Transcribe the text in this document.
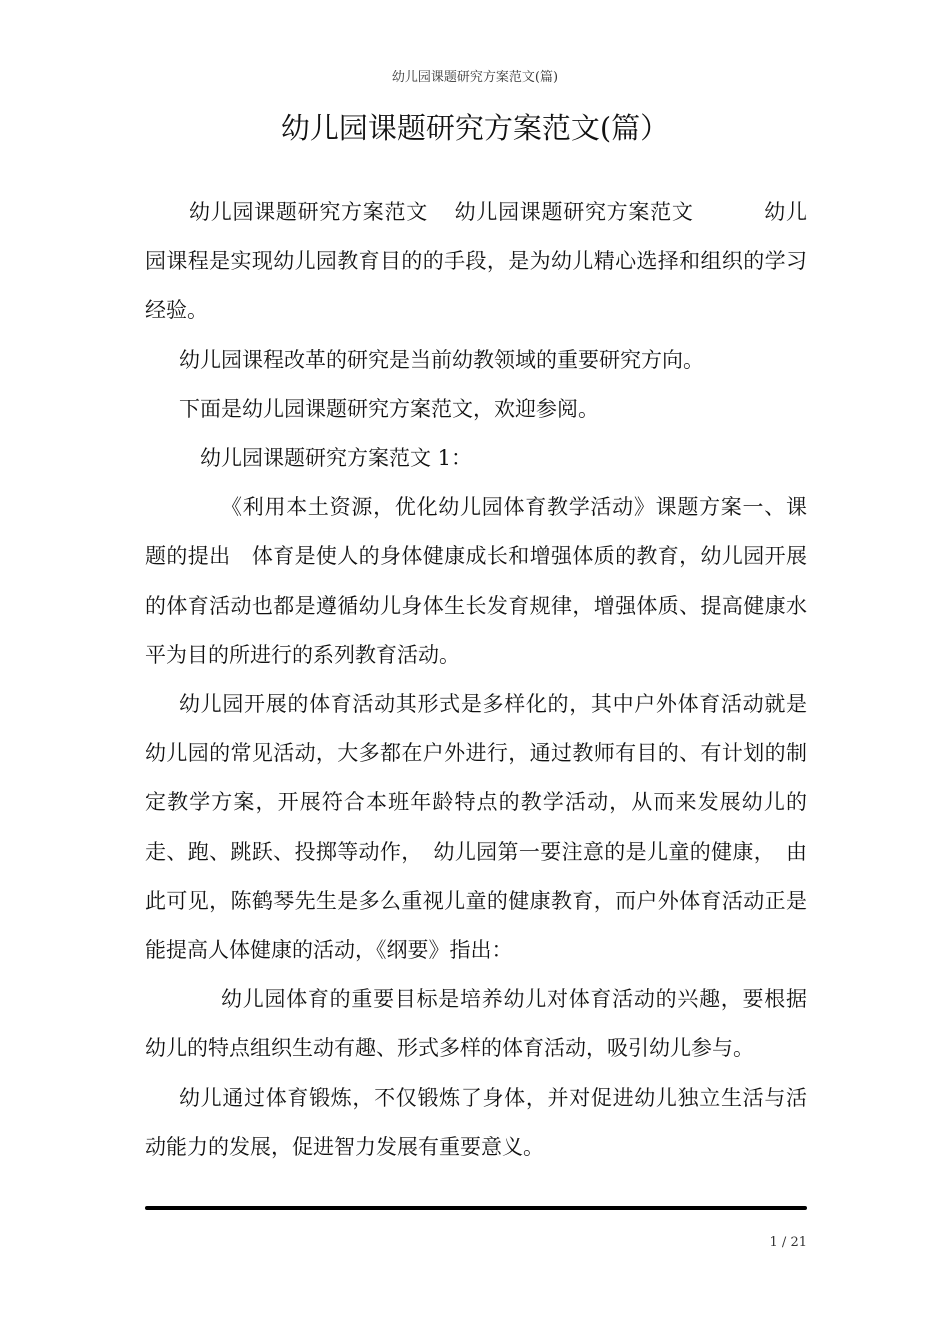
幼儿园课题研究方案范文(篇)
幼儿园课题研究方案范文(篇）

幼儿园课题研究方案范文 幼儿园课题研究方案范文	幼儿园课程是实现幼儿园教育目的的手段，是为幼儿精心选择和组织的学习经验。

幼儿园课程改革的研究是当前幼教领域的重要研究方向。

下面是幼儿园课题研究方案范文，欢迎参阅。

幼儿园课题研究方案范文 1：

《利用本土资源，优化幼儿园体育教学活动》课题方案一、课题的提出　体育是使人的身体健康成长和增强体质的教育，幼儿园开展的体育活动也都是遵循幼儿身体生长发育规律，增强体质、提高健康水平为目的所进行的系列教育活动。

幼儿园开展的体育活动其形式是多样化的，其中户外体育活动就是幼儿园的常见活动，大多都在户外进行，通过教师有目的、有计划的制定教学方案，开展符合本班年龄特点的教学活动，从而来发展幼儿的走、跑、跳跃、投掷等动作，　幼儿园第一要注意的是儿童的健康，　由此可见，陈鹤琴先生是多么重视儿童的健康教育，而户外体育活动正是能提高人体健康的活动，《纲要》指出：

幼儿园体育的重要目标是培养幼儿对体育活动的兴趣，要根据幼儿的特点组织生动有趣、形式多样的体育活动，吸引幼儿参与。

幼儿通过体育锻炼，不仅锻炼了身体，并对促进幼儿独立生活与活动能力的发展，促进智力发展有重要意义。

1 / 21
